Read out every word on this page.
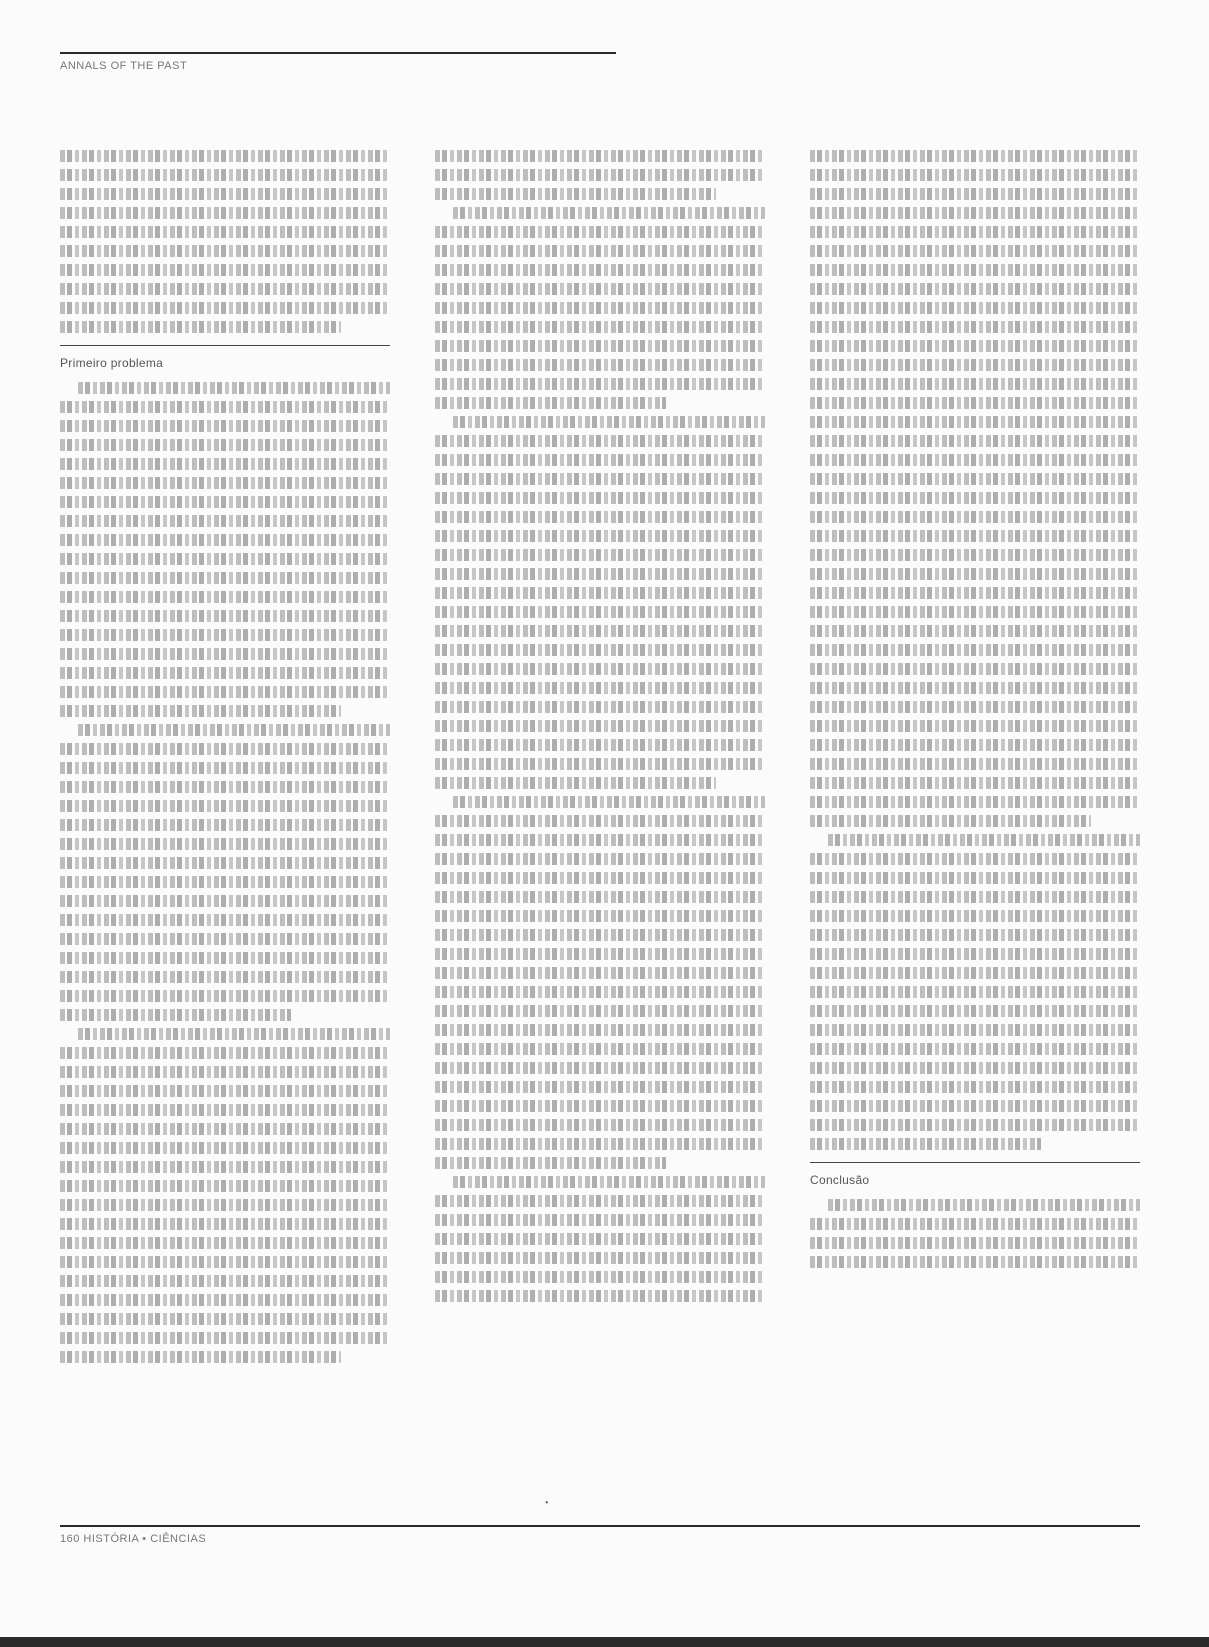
ANNALS OF THE PAST
Primeiro problema
Conclusão
•
160 HISTÓRIA • CIÊNCIAS
